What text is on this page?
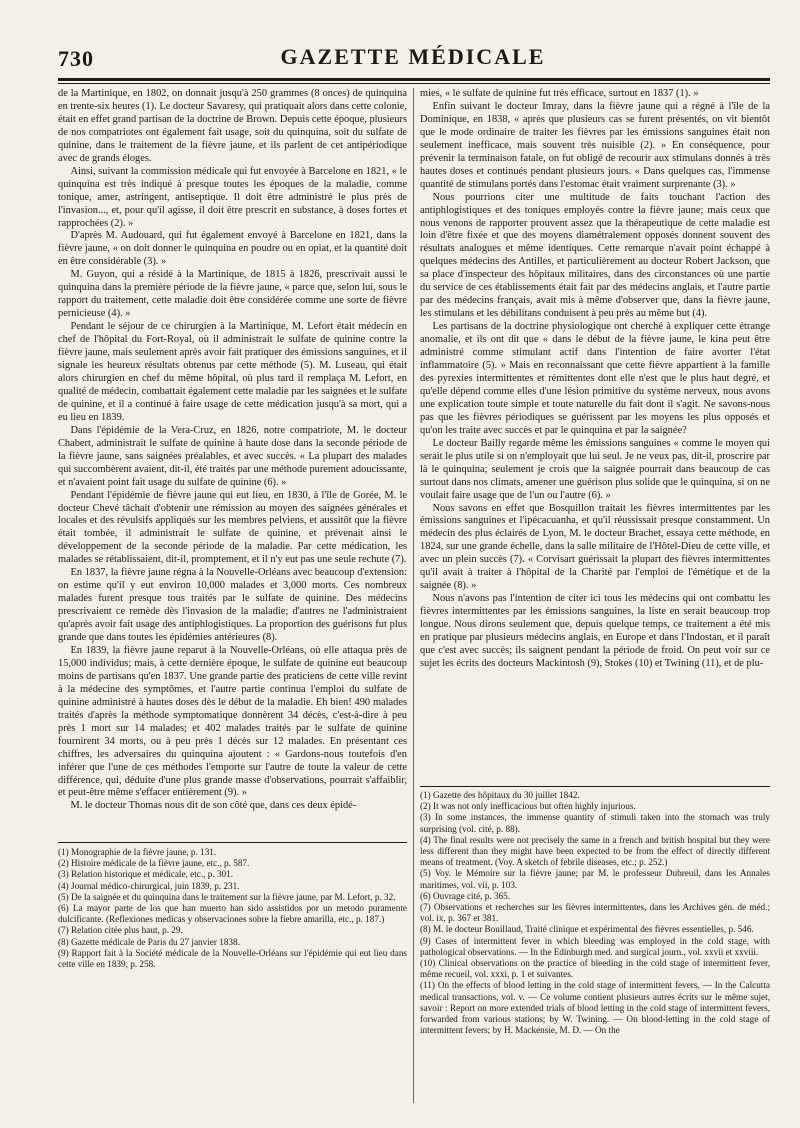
730	GAZETTE MÉDICALE

de la Martinique, en 1802, on donnait jusqu'à 250 grammes (8 onces) de quinquina en trente-six heures (1). Le docteur Savaresy, qui pratiquait alors dans cette colonie, était en effet grand partisan de la doctrine de Brown. Depuis cette époque, plusieurs de nos compatriotes ont également fait usage, soit du quinquina, soit du sulfate de quinine, dans le traitement de la fièvre jaune, et ils parlent de cet antipériodique avec de grands éloges.

Ainsi, suivant la commission médicale qui fut envoyée à Barcelone en 1821, « le quinquina est très indiqué à presque toutes les époques de la maladie, comme tonique, amer, astringent, antiseptique. Il doit être administré le plus près de l'invasion..., et, pour qu'il agisse, il doit être prescrit en substance, à doses fortes et rapprochées (2). »

D'après M. Audouard, qui fut également envoyé à Barcelone en 1821, dans la fièvre jaune, « on doit donner le quinquina en poudre ou en opiat, et la quantité doit en être considérable (3). »

M. Guyon, qui a résidé à la Martinique, de 1815 à 1826, prescrivait aussi le quinquina dans la première période de la fièvre jaune, « parce que, selon lui, sous le rapport du traitement, cette maladie doit être considérée comme une sorte de fièvre pernicieuse (4). »

Pendant le séjour de ce chirurgien à la Martinique, M. Lefort était médecin en chef de l'hôpital du Fort-Royal, où il administrait le sulfate de quinine contre la fièvre jaune, mais seulement après avoir fait pratiquer des émissions sanguines, et il signale les heureux résultats obtenus par cette méthode (5). M. Luseau, qui était alors chirurgien en chef du même hôpital, où plus tard il remplaça M. Lefort, en qualité de médecin, combattait également cette maladie par les saignées et le sulfate de quinine, et il a continué à faire usage de cette médication jusqu'à sa mort, qui a eu lieu en 1839.

Dans l'épidémie de la Vera-Cruz, en 1826, notre compatriote, M. le docteur Chabert, administrait le sulfate de quinine à haute dose dans la seconde période de la fièvre jaune, sans saignées préalables, et avec succès. « La plupart des malades qui succombèrent avaient, dit-il, été traités par une méthode purement adoucissante, et n'avaient point fait usage du sulfate de quinine (6). »

Pendant l'épidémie de fièvre jaune qui eut lieu, en 1830, à l'île de Gorée, M. le docteur Chevé tâchait d'obtenir une rémission au moyen des saignées générales et locales et des révulsifs appliqués sur les membres pelviens, et aussitôt que la fièvre était tombée, il administrait le sulfate de quinine, et prévenait ainsi le développement de la seconde période de la maladie. Par cette médication, les malades se rétablissaient, dit-il, promptement, et il n'y eut pas une seule rechute (7).

En 1837, la fièvre jaune régna à la Nouvelle-Orléans avec beaucoup d'extension: on estime qu'il y eut environ 10,000 malades et 3,000 morts. Ces nombreux malades furent presque tous traités par le sulfate de quinine. Des médecins prescrivaient ce remède dès l'invasion de la maladie; d'autres ne l'administraient qu'après avoir fait usage des antiphlogistiques. La proportion des guérisons fut plus grande que dans toutes les épidémies antérieures (8).

En 1839, la fièvre jaune reparut à la Nouvelle-Orléans, où elle attaqua près de 15,000 individus; mais, à cette dernière époque, le sulfate de quinine eut beaucoup moins de partisans qu'en 1837. Une grande partie des praticiens de cette ville revint à la médecine des symptômes, et l'autre partie continua l'emploi du sulfate de quinine administré à hautes doses dès le début de la maladie. Eh bien! 490 malades traités d'après la méthode symptomatique donnèrent 34 décès, c'est-à-dire à peu près 1 mort sur 14 malades; et 402 malades traités par le sulfate de quinine fournirent 34 morts, ou à peu près 1 décès sur 12 malades. En présentant ces chiffres, les adversaires du quinquina ajoutent : « Gardons-nous toutefois d'en inférer que l'une de ces méthodes l'emporte sur l'autre de toute la valeur de cette différence, qui, déduite d'une plus grande masse d'observations, pourrait s'affaiblir, et peut-être même s'effacer entièrement (9). »

M. le docteur Thomas nous dit de son côté que, dans ces deux épidé-

mies, « le sulfate de quinine fut très efficace, surtout en 1837 (1). »

Enfin suivant le docteur Imray, dans la fièvre jaune qui a régné à l'île de la Dominique, en 1838, « après que plusieurs cas se furent présentés, on vit bientôt que le mode ordinaire de traiter les fièvres par les émissions sanguines était non seulement inefficace, mais souvent très nuisible (2). » En conséquence, pour prévenir la terminaison fatale, on fut obligé de recourir aux stimulans donnés à très hautes doses et continués pendant plusieurs jours. « Dans quelques cas, l'immense quantité de stimulans portés dans l'estomac était vraiment surprenante (3). »

Nous pourrions citer une multitude de faits touchant l'action des antiphlogistiques et des toniques employés contre la fièvre jaune; mais ceux que nous venons de rapporter prouvent assez que la thérapeutique de cette maladie est loin d'être fixée et que des moyens diamétralement opposés donnent souvent des résultats analogues et même identiques. Cette remarque n'avait point échappé à quelques médecins des Antilles, et particulièrement au docteur Robert Jackson, que sa place d'inspecteur des hôpitaux militaires, dans des circonstances où une partie du service de ces établissements était fait par des médecins anglais, et l'autre partie par des médecins français, avait mis à même d'observer que, dans la fièvre jaune, les stimulans et les débilitans conduisent à peu près au même but (4).

Les partisans de la doctrine physiologique ont cherché à expliquer cette étrange anomalie, et ils ont dit que « dans le début de la fièvre jaune, le kina peut être administré comme stimulant actif dans l'intention de faire avorter l'état inflammatoire (5). » Mais en reconnaissant que cette fièvre appartient à la famille des pyrexies intermittentes et rémittentes dont elle n'est que le plus haut degré, et qu'elle dépend comme elles d'une lésion primitive du système nerveux, nous avons une explication toute simple et toute naturelle du fait dont il s'agit. Ne savons-nous pas que les fièvres périodiques se guérissent par les moyens les plus opposés et qu'on les traite avec succès et par le quinquina et par la saignée?

Le docteur Bailly regarde même les émissions sanguines « comme le moyen qui serait le plus utile si on n'employait que lui seul. Je ne veux pas, dit-il, proscrire par là le quinquina; seulement je crois que la saignée pourrait dans beaucoup de cas surtout dans nos climats, amener une guérison plus solide que le quinquina, si on ne voulait faire usage que de l'un ou l'autre (6). »

Nous savons en effet que Bosquillon traitait les fièvres intermittentes par les émissions sanguines et l'ipécacuanha, et qu'il réussissait presque constamment. Un médecin des plus éclairés de Lyon, M. le docteur Brachet, essaya cette méthode, en 1824, sur une grande échelle, dans la salle militaire de l'Hôtel-Dieu de cette ville, et avec un plein succès (7). « Corvisart guérissait la plupart des fièvres intermittentes qu'il avait à traiter à l'hôpital de la Charité par l'emploi de l'émétique et de la saignée (8). »

Nous n'avons pas l'intention de citer ici tous les médecins qui ont combattu les fièvres intermittentes par les émissions sanguines, la liste en serait beaucoup trop longue. Nous dirons seulement que, depuis quelque temps, ce traitement a été mis en pratique par plusieurs médecins anglais, en Europe et dans l'Indostan, et il paraît que c'est avec succès; ils saignent pendant la période de froid. On peut voir sur ce sujet les écrits des docteurs Mackintosh (9), Stokes (10) et Twining (11), et de plu-

(1) Monographie de la fièvre jaune, p. 131.
(2) Histoire médicale de la fièvre jaune, etc., p. 587.
(3) Relation historique et médicale, etc., p. 301.
(4) Journal médico-chirurgical, juin 1839, p. 231.
(5) De la saignée et du quinquina dans le traitement sur la fièvre jaune, par M. Lefort, p. 32.
(6) La mayor parte de los que han muerto han sido assistidos por un metodo puramente dulcificante. (Reflexiones medicas y observaciones sobre la fiebre amarilla, etc., p. 187.)
(7) Relation citée plus haut, p. 29.
(8) Gazette médicale de Paris du 27 janvier 1838.
(9) Rapport fait à la Société médicale de la Nouvelle-Orléans sur l'épidémie qui eut lieu dans cette ville en 1839, p. 258.
(1) Gazette des hôpitaux du 30 juillet 1842.
(2) It was not only inefficacious but often highly injurious.
(3) In some instances, the immense quantity of stimuli taken into the stomach was truly surprising (vol. cité, p. 88).
(4) The final results were not precisely the same in a french and british hospital but they were less different than they might have been expected to be from the effect of directly different means of treatment. (Voy. A sketch of febrile diseases, etc.; p. 252.)
(5) Voy. le Mémoire sur la fièvre jaune; par M. le professeur Dubreuil, dans les Annales maritimes, vol. vii, p. 103.
(6) Ouvrage cité, p. 365.
(7) Observations et recherches sur les fièvres intermittentes, dans les Archives gén. de méd.; vol. ix, p. 367 et 381.
(8) M. le docteur Bouillaud, Traité clinique et expérimental des fièvres essentielles, p. 546.
(9) Cases of intermittent fever in which bleeding was employed in the cold stage, with pathological observations. — In the Edinburgh med. and surgical journ., vol. xxvii et xxviii.
(10) Clinical observations on the practice of bleeding in the cold stage of intermittent fever, même recueil, vol. xxxi, p. 1 et suivantes.
(11) On the effects of blood letting in the cold stage of intermittent fevers. — In the Calcutta medical transactions, vol. v. — Ce volume contient plusieurs autres écrits sur le même sujet, savoir : Report on more extended trials of blood letting in the cold stage of intermittent fevers, forwarded from various stations; by W. Twining. — On blood-letting in the cold stage of intermittent fevers; by H. Mackensie, M. D. — On the
